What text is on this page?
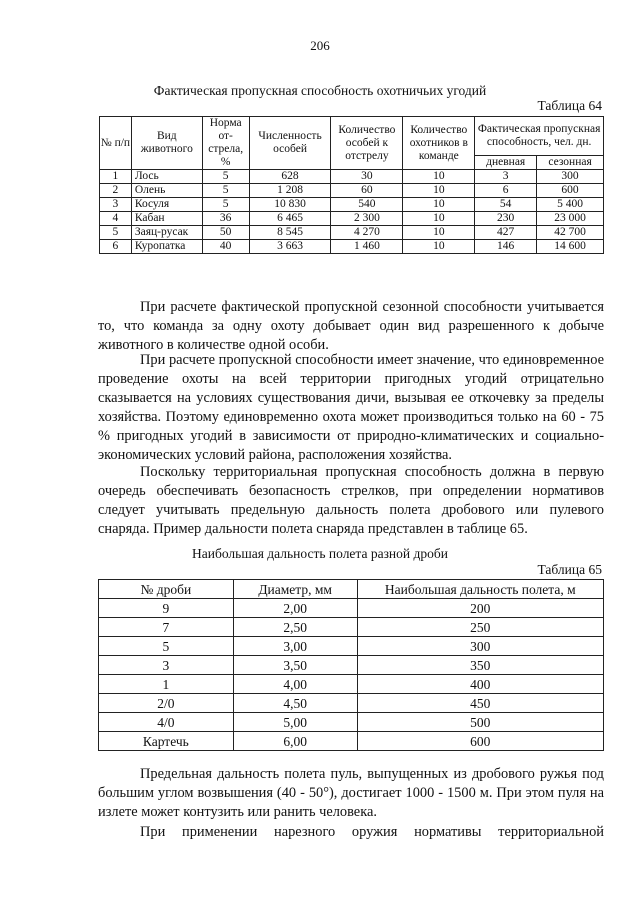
206
Фактическая пропускная способность охотничьих угодий
Таблица 64
№ п/п	Вид животного	Норма от-стрела, %	Численность особей	Количество особей к отстрелу	Количество охотников в команде	Фактическая пропускная способность, чел. дн.	
						дневная	сезонная
1	Лось	5	628	30	10	3	300
2	Олень	5	1 208	60	10	6	600
3	Косуля	5	10 830	540	10	54	5 400
4	Кабан	36	6 465	2 300	10	230	23 000
5	Заяц-русак	50	8 545	4 270	10	427	42 700
6	Куропатка	40	3 663	1 460	10	146	14 600

При расчете фактической пропускной сезонной способности учитывается то, что команда за одну охоту добывает один вид разрешенного к добыче животного в количестве одной особи.

При расчете пропускной способности имеет значение, что единовременное проведение охоты на всей территории пригодных угодий отрицательно сказывается на условиях существования дичи, вызывая ее откочевку за пределы хозяйства. Поэтому единовременно охота может производиться только на 60 - 75 % пригодных угодий в зависимости от природно-климатических и социально-экономических условий района, расположения хозяйства.

Поскольку территориальная пропускная способность должна в первую очередь обеспечивать безопасность стрелков, при определении нормативов следует учитывать предельную дальность полета дробового или пулевого снаряда. Пример дальности полета снаряда представлен в таблице 65.

Наибольшая дальность полета разной дроби
Таблица 65
№ дроби	Диаметр, мм	Наибольшая дальность полета, м
9	2,00	200
7	2,50	250
5	3,00	300
3	3,50	350
1	4,00	400
2/0	4,50	450
4/0	5,00	500
Картечь	6,00	600

Предельная дальность полета пуль, выпущенных из дробового ружья под большим углом возвышения (40 - 50°), достигает 1000 - 1500 м. При этом пуля на излете может контузить или ранить человека.

При применении нарезного оружия нормативы территориальной
